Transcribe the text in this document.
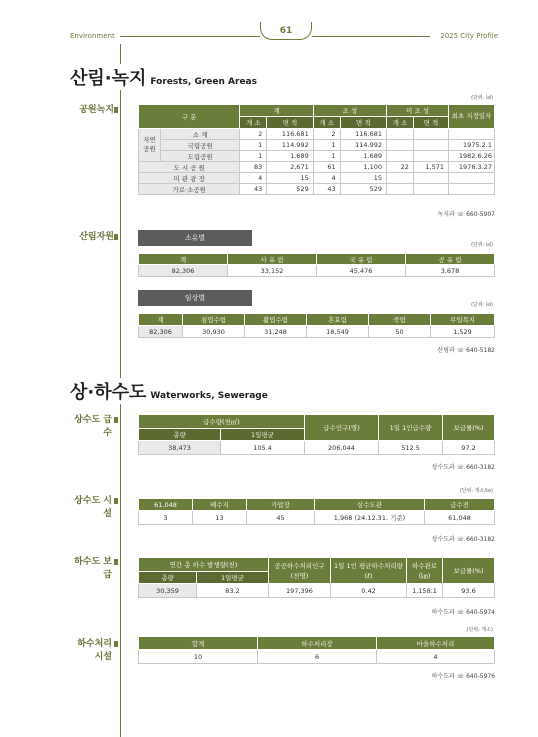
Environment	61	2025 City Profile
산림·녹지 Forests, Green Areas
공원녹지
(단위: ㎢)
구 분		계		조 성		미 조 성		최초 지정일자
		개 소	면 적	개 소	면 적	개 소	면 적	
자연 공원	소 계	2	116.681	2	116.681			
	국립공원	1	114.992	1	114.992			1975.2.1
	도립공원	1	1.689	1	1.689			1982.6.26
도 시 공 원		83	2,671	61	1,100	22	1,571	1976.3.27
미 관 광 장		4	15	4	15			
가로·소공원		43	529	43	529			
녹지과 ☏ 660-5907
산림자원	소유별
(단위: ㎢)
계	사 유 림	국 유 림	공 유 림
82,306	33,152	45,476	3,678
임상별
(단위: ㎢)
계	침엽수림	활엽수림	혼효림	죽림	무입목지
82,306	30,930	31,248	18,549	50	1,529
산림과 ☏ 640-5182
상·하수도 Waterworks, Sewerage
상수도 급수
급수량(천㎥)		급수인구(명)	1일 1인급수량	보급률(%)
총량	1일평균			
38,473	105.4	206,044	512.5	97.2
상수도과 ☏ 660-3182
상수도 시설
(단위: 개소/㎞)
61,048	배수지	가압장	상수도관	급수전
3	13	45	1,968 (24.12.31. 기준)	61,048
상수도과 ☏ 660-3182
하수도 보급
연간 총 하수 발생량(천)		공공하수처리인구 (천명)	1일 1인 평균하수처리량(ℓ)	하수관로 (㎞)	보급률(%)
총량	1일평균				
30,359	83.2	197,396	0.42	1,158.1	93.6
하수도과 ☏ 640-5974
하수처리 시설
(단위: 개소)
합계	하수처리장	마을하수처리
10	6	4
하수도과 ☏ 640-5976
